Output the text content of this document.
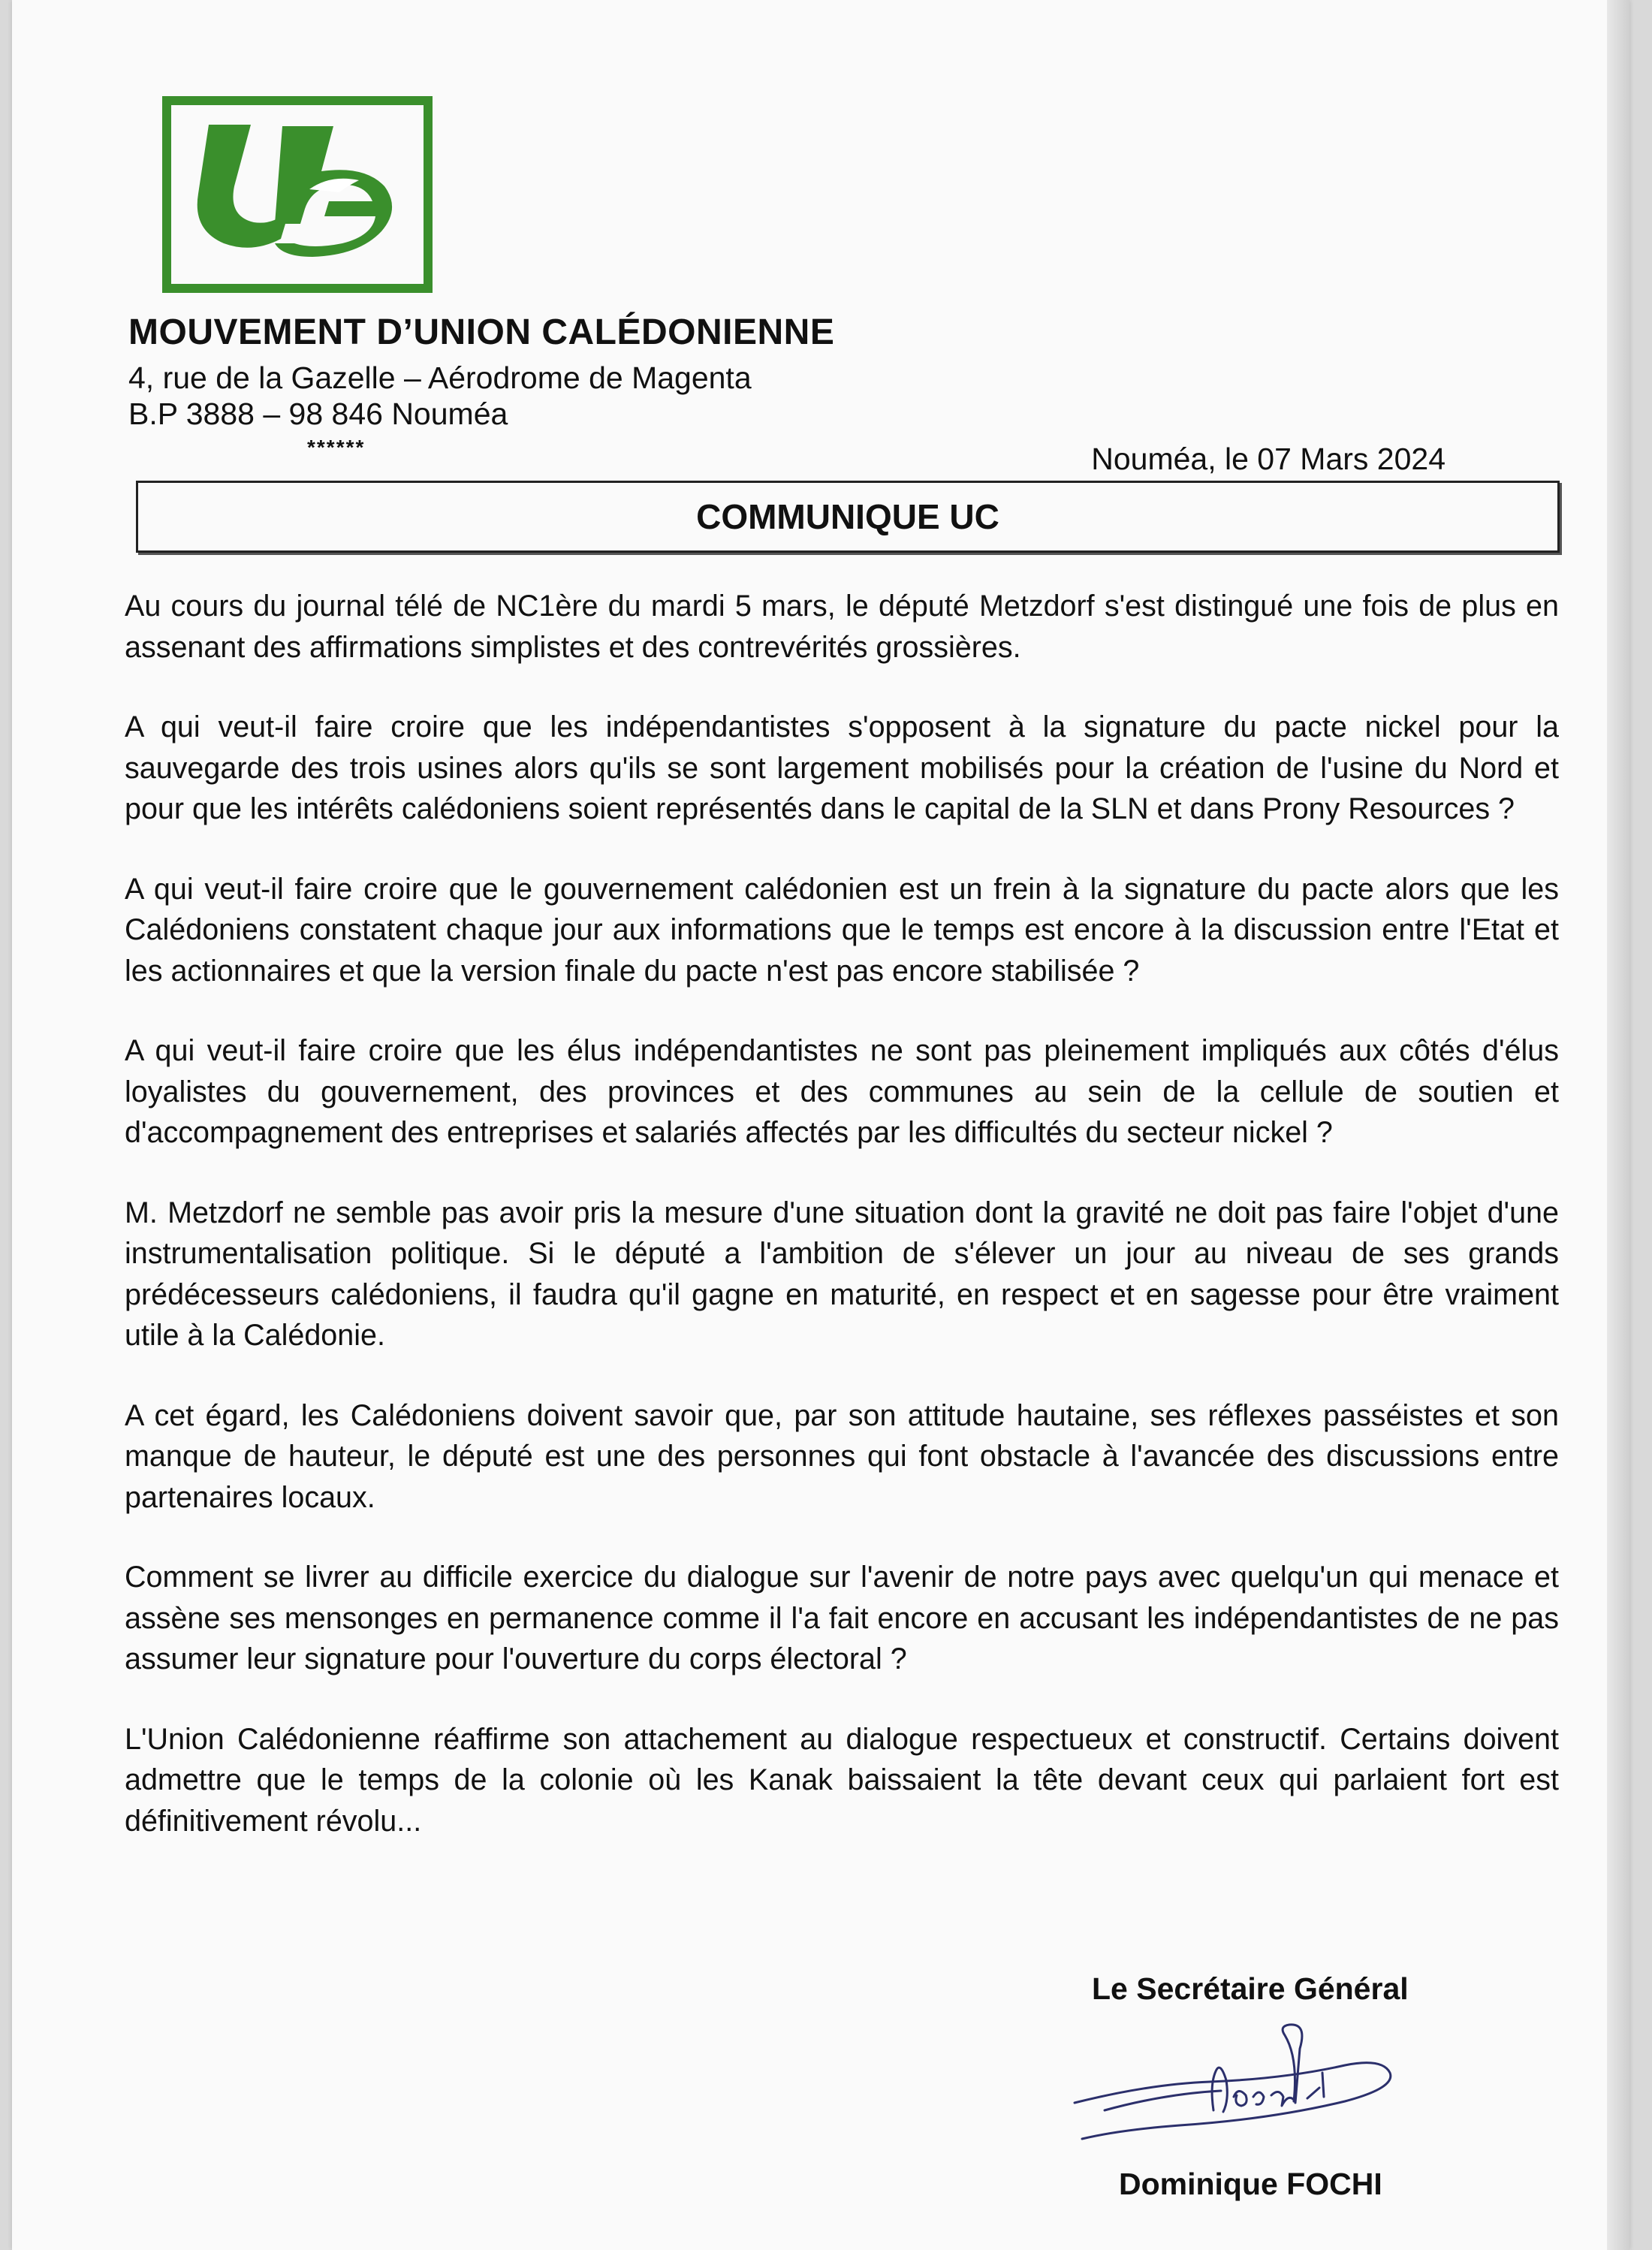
MOUVEMENT D’UNION CALÉDONIENNE
4, rue de la Gazelle – Aérodrome de Magenta
B.P 3888 – 98 846 Nouméa
******	Nouméa, le 07 Mars 2024
COMMUNIQUE UC

Au cours du journal télé de NC1ère du mardi 5 mars, le député Metzdorf s'est distingué une fois de plus en assenant des affirmations simplistes et des contrevérités grossières.

A qui veut-il faire croire que les indépendantistes s'opposent à la signature du pacte nickel pour la sauvegarde des trois usines alors qu'ils se sont largement mobilisés pour la création de l'usine du Nord et pour que les intérêts calédoniens soient représentés dans le capital de la SLN et dans Prony Resources ?

A qui veut-il faire croire que le gouvernement calédonien est un frein à la signature du pacte alors que les Calédoniens constatent chaque jour aux informations que le temps est encore à la discussion entre l'Etat et les actionnaires et que la version finale du pacte n'est pas encore stabilisée ?

A qui veut-il faire croire que les élus indépendantistes ne sont pas pleinement impliqués aux côtés d'élus loyalistes du gouvernement, des provinces et des communes au sein de la cellule de soutien et d'accompagnement des entreprises et salariés affectés par les difficultés du secteur nickel ?

M. Metzdorf ne semble pas avoir pris la mesure d'une situation dont la gravité ne doit pas faire l'objet d'une instrumentalisation politique. Si le député a l'ambition de s'élever un jour au niveau de ses grands prédécesseurs calédoniens, il faudra qu'il gagne en maturité, en respect et en sagesse pour être vraiment utile à la Calédonie.

A cet égard, les Calédoniens doivent savoir que, par son attitude hautaine, ses réflexes passéistes et son manque de hauteur, le député est une des personnes qui font obstacle à l'avancée des discussions entre partenaires locaux.

Comment se livrer au difficile exercice du dialogue sur l'avenir de notre pays avec quelqu'un qui menace et assène ses mensonges en permanence comme il l'a fait encore en accusant les indépendantistes de ne pas assumer leur signature pour l'ouverture du corps électoral ?

L'Union Calédonienne réaffirme son attachement au dialogue respectueux et constructif. Certains doivent admettre que le temps de la colonie où les Kanak baissaient la tête devant ceux qui parlaient fort est définitivement révolu...

Le Secrétaire Général
Dominique FOCHI
